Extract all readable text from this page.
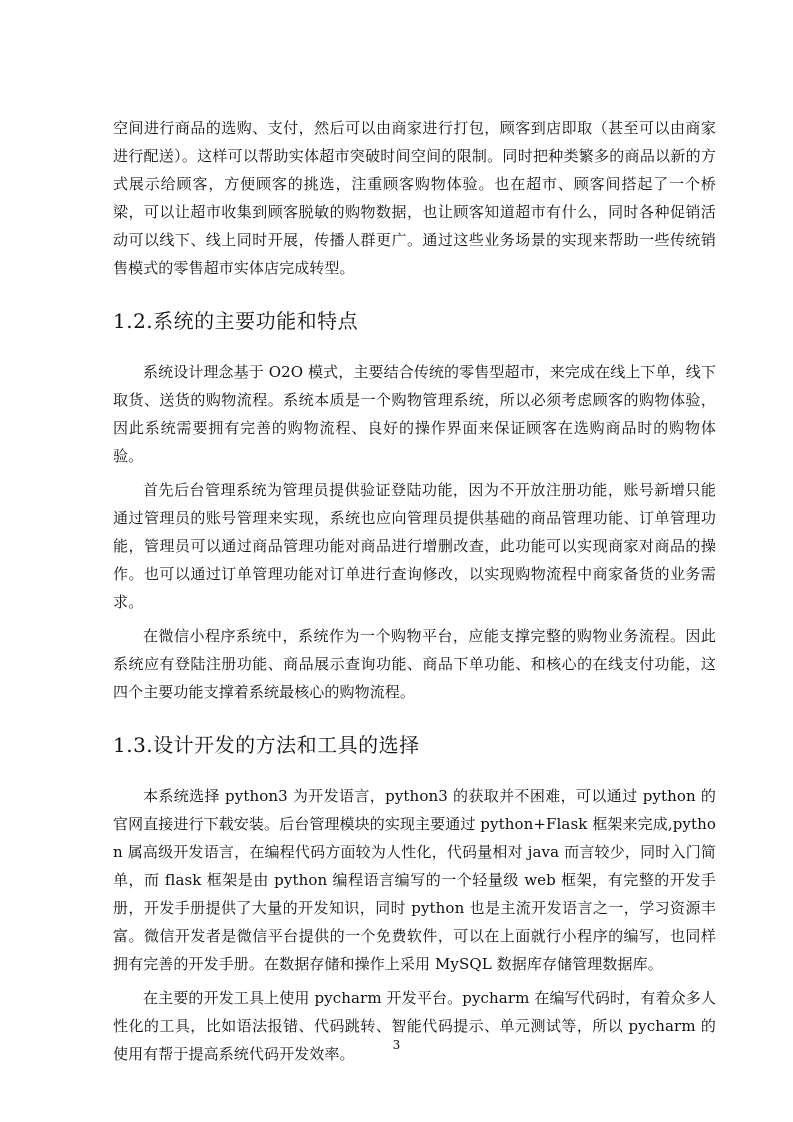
空间进行商品的选购、支付，然后可以由商家进行打包，顾客到店即取（甚至可以由商家进行配送）。这样可以帮助实体超市突破时间空间的限制。同时把种类繁多的商品以新的方式展示给顾客，方便顾客的挑选，注重顾客购物体验。也在超市、顾客间搭起了一个桥梁，可以让超市收集到顾客脱敏的购物数据，也让顾客知道超市有什么，同时各种促销活动可以线下、线上同时开展，传播人群更广。通过这些业务场景的实现来帮助一些传统销售模式的零售超市实体店完成转型。

1.2.系统的主要功能和特点

系统设计理念基于 O2O 模式，主要结合传统的零售型超市，来完成在线上下单，线下取货、送货的购物流程。系统本质是一个购物管理系统，所以必须考虑顾客的购物体验，因此系统需要拥有完善的购物流程、良好的操作界面来保证顾客在选购商品时的购物体验。

首先后台管理系统为管理员提供验证登陆功能，因为不开放注册功能，账号新增只能通过管理员的账号管理来实现，系统也应向管理员提供基础的商品管理功能、订单管理功能，管理员可以通过商品管理功能对商品进行增删改查，此功能可以实现商家对商品的操作。也可以通过订单管理功能对订单进行查询修改，以实现购物流程中商家备货的业务需求。

在微信小程序系统中，系统作为一个购物平台，应能支撑完整的购物业务流程。因此系统应有登陆注册功能、商品展示查询功能、商品下单功能、和核心的在线支付功能，这四个主要功能支撑着系统最核心的购物流程。

1.3.设计开发的方法和工具的选择

本系统选择 python3 为开发语言，python3 的获取并不困难，可以通过 python 的官网直接进行下载安装。后台管理模块的实现主要通过 python+Flask 框架来完成,python 属高级开发语言，在编程代码方面较为人性化，代码量相对 java 而言较少，同时入门简单，而 flask 框架是由 python 编程语言编写的一个轻量级 web 框架，有完整的开发手册，开发手册提供了大量的开发知识，同时 python 也是主流开发语言之一，学习资源丰富。微信开发者是微信平台提供的一个免费软件，可以在上面就行小程序的编写，也同样拥有完善的开发手册。在数据存储和操作上采用 MySQL 数据库存储管理数据库。

在主要的开发工具上使用 pycharm 开发平台。pycharm 在编写代码时，有着众多人性化的工具，比如语法报错、代码跳转、智能代码提示、单元测试等，所以 pycharm 的使用有帮于提高系统代码开发效率。	3
